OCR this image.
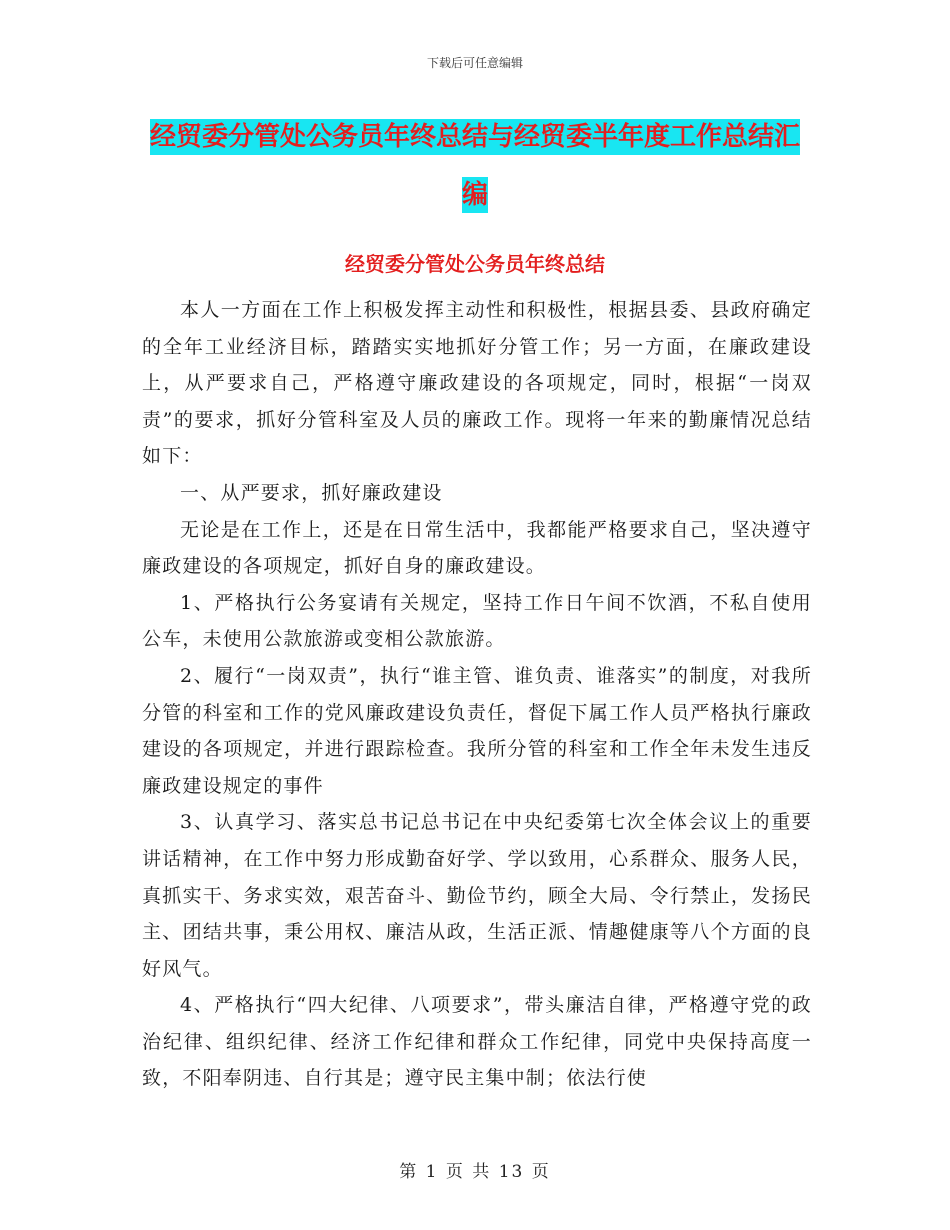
下载后可任意编辑
经贸委分管处公务员年终总结与经贸委半年度工作总结汇编
经贸委分管处公务员年终总结

本人一方面在工作上积极发挥主动性和积极性，根据县委、县政府确定的全年工业经济目标，踏踏实实地抓好分管工作；另一方面，在廉政建设上，从严要求自己，严格遵守廉政建设的各项规定，同时，根据“一岗双责”的要求，抓好分管科室及人员的廉政工作。现将一年来的勤廉情况总结如下：

一、从严要求，抓好廉政建设

无论是在工作上，还是在日常生活中，我都能严格要求自己，坚决遵守廉政建设的各项规定，抓好自身的廉政建设。

1、严格执行公务宴请有关规定，坚持工作日午间不饮酒，不私自使用公车，未使用公款旅游或变相公款旅游。

2、履行“一岗双责”，执行“谁主管、谁负责、谁落实”的制度，对我所分管的科室和工作的党风廉政建设负责任，督促下属工作人员严格执行廉政建设的各项规定，并进行跟踪检查。我所分管的科室和工作全年未发生违反廉政建设规定的事件

3、认真学习、落实总书记总书记在中央纪委第七次全体会议上的重要讲话精神，在工作中努力形成勤奋好学、学以致用，心系群众、服务人民，真抓实干、务求实效，艰苦奋斗、勤俭节约，顾全大局、令行禁止，发扬民主、团结共事，秉公用权、廉洁从政，生活正派、情趣健康等八个方面的良好风气。

4、严格执行“四大纪律、八项要求”，带头廉洁自律，严格遵守党的政治纪律、组织纪律、经济工作纪律和群众工作纪律，同党中央保持高度一致，不阳奉阴违、自行其是；遵守民主集中制；依法行使

第 1 页 共 13 页
